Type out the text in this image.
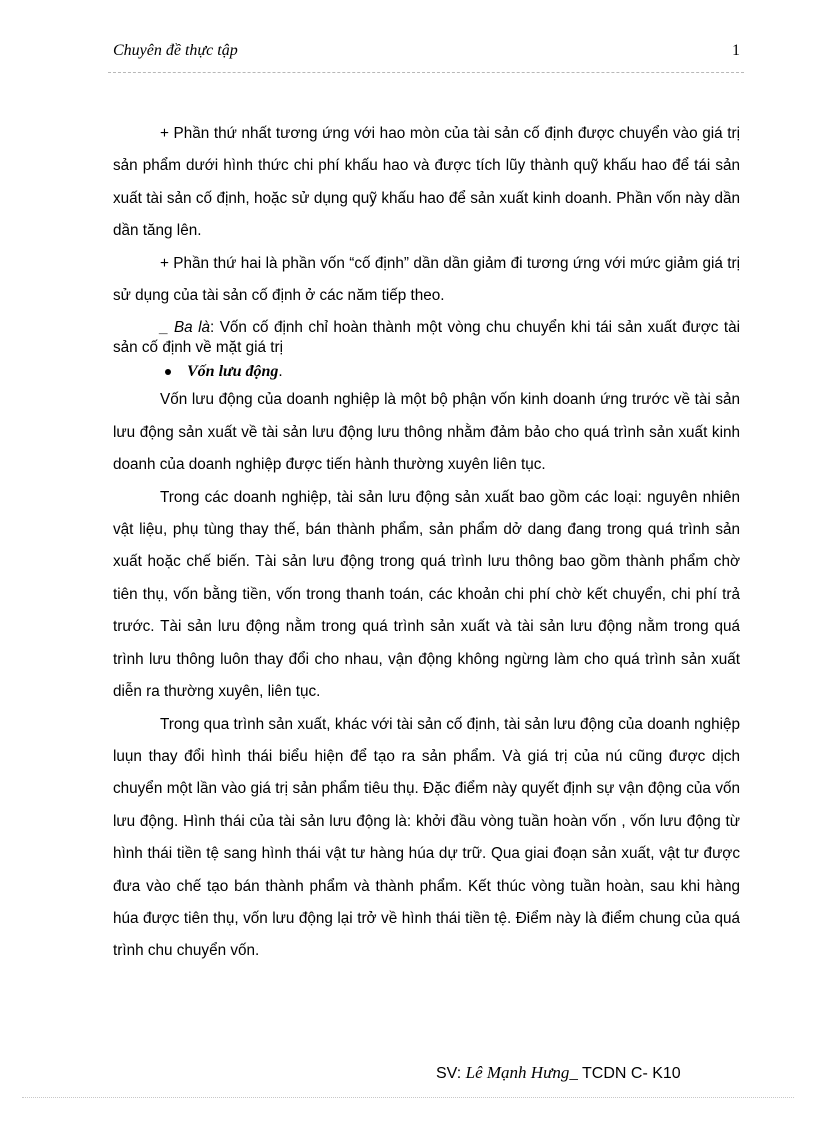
Chuyên đề thực tập	1

+ Phần thứ nhất tương ứng với hao mòn của tài sản cố định được chuyển vào giá trị sản phẩm dưới hình thức chi phí khấu hao và được tích lũy thành quỹ khấu hao để tái sản xuất tài sản cố định, hoặc sử dụng quỹ khấu hao để sản xuất kinh doanh. Phần vốn này dần dần tăng lên.

+ Phần thứ hai là phần vốn “cố định” dần dần giảm đi tương ứng với mức giảm giá trị sử dụng của tài sản cố định ở các năm tiếp theo.

_ Ba là: Vốn cố định chỉ hoàn thành một vòng chu chuyển khi tái sản xuất được tài sản cố định về mặt giá trị

Vốn lưu động .

Vốn lưu động của doanh nghiệp là một bộ phận vốn kinh doanh ứng trước về tài sản lưu động sản xuất về tài sản lưu động lưu thông nhằm đảm bảo cho quá trình sản xuất kinh doanh của doanh nghiệp được tiến hành thường xuyên liên tục.

Trong các doanh nghiệp, tài sản lưu động sản xuất bao gồm các loại: nguyên nhiên vật liệu, phụ tùng thay thế, bán thành phẩm, sản phẩm dở dang đang trong quá trình sản xuất hoặc chế biến. Tài sản lưu động trong quá trình lưu thông bao gồm thành phẩm chờ tiên thụ, vốn bằng tiền, vốn trong thanh toán, các khoản chi phí chờ kết chuyển, chi phí trả trước. Tài sản lưu động nằm trong quá trình sản xuất và tài sản lưu động nằm trong quá trình lưu thông luôn thay đổi cho nhau, vận động không ngừng làm cho quá trình sản xuất diễn ra thường xuyên, liên tục.

Trong qua trình sản xuất, khác với tài sản cố định, tài sản lưu động của doanh nghiệp luụn thay đổi hình thái biểu hiện để tạo ra sản phẩm. Và giá trị của nú cũng được dịch chuyển một lần vào giá trị sản phẩm tiêu thụ. Đặc điểm này quyết định sự vận động của vốn lưu động. Hình thái của tài sản lưu động là: khởi đầu vòng tuần hoàn vốn , vốn lưu động từ hình thái tiền tệ sang hình thái vật tư hàng húa dự trữ. Qua giai đoạn sản xuất, vật tư được đưa vào chế tạo bán thành phẩm và thành phẩm. Kết thúc vòng tuần hoàn, sau khi hàng húa được tiên thụ, vốn lưu động lại trở về hình thái tiền tệ. Điểm này là điểm chung của quá trình chu chuyển vốn.

SV: Lê Mạnh Hưng_ TCDN C- K10
